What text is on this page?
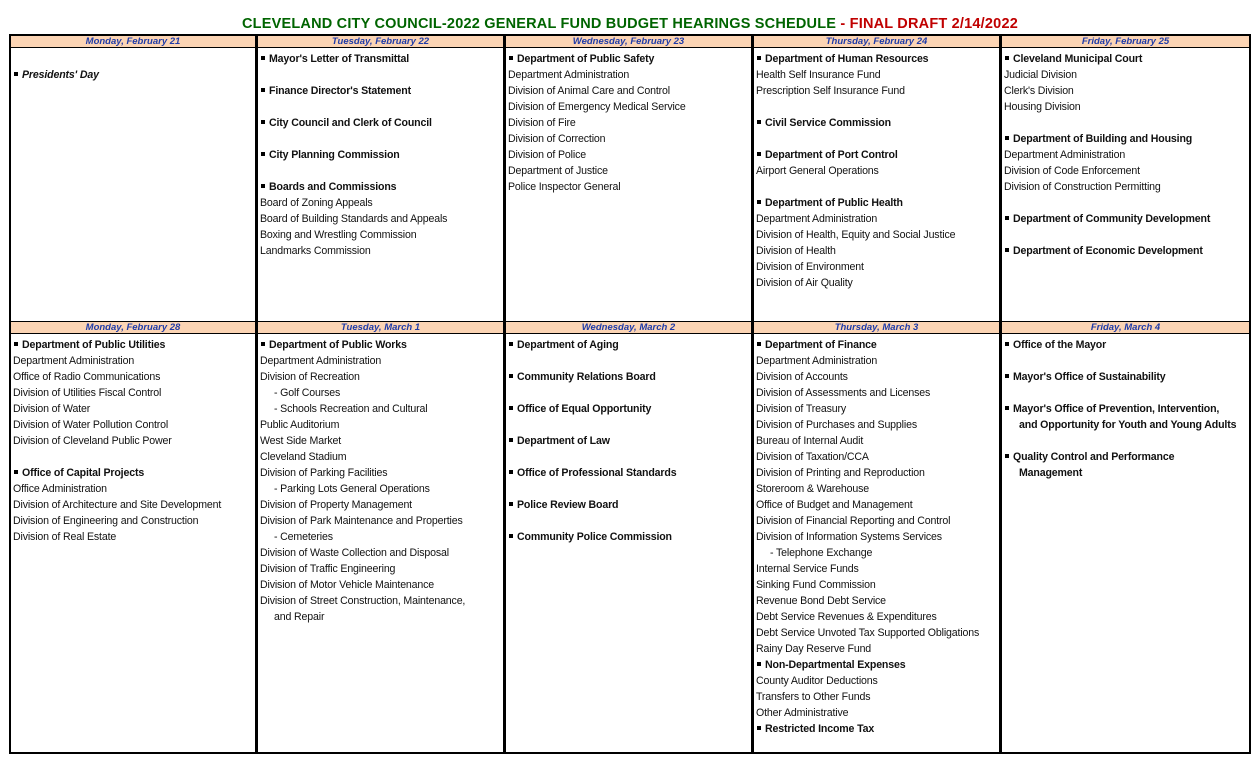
CLEVELAND CITY COUNCIL-2022 GENERAL FUND BUDGET HEARINGS SCHEDULE - FINAL DRAFT 2/14/2022
Monday, February 21
Presidents' Day
Tuesday, February 22
Mayor's Letter of Transmittal
Finance Director's Statement
City Council and Clerk of Council
City Planning Commission
Boards and Commissions
Board of Zoning Appeals
Board of Building Standards and Appeals
Boxing and Wrestling Commission
Landmarks Commission
Wednesday, February 23
Department of Public Safety
Department Administration
Division of Animal Care and Control
Division of Emergency Medical Service
Division of Fire
Division of Correction
Division of Police
Department of Justice
Police Inspector General
Thursday, February 24
Department of Human Resources
Health Self Insurance Fund
Prescription Self Insurance Fund
Civil Service Commission
Department of Port Control
Airport General Operations
Department of Public Health
Department Administration
Division of Health, Equity and Social Justice
Division of Health
Division of Environment
Division of Air Quality
Friday, February 25
Cleveland Municipal Court
Judicial Division
Clerk's Division
Housing Division
Department of Building and Housing
Department Administration
Division of Code Enforcement
Division of Construction Permitting
Department of Community Development
Department of Economic Development
Monday, February 28
Department of Public Utilities
Department Administration
Office of Radio Communications
Division of Utilities Fiscal Control
Division of Water
Division of Water Pollution Control
Division of Cleveland Public Power
Office of Capital Projects
Office Administration
Division of Architecture and Site Development
Division of Engineering and Construction
Division of Real Estate
Tuesday, March 1
Department of Public Works
Department Administration
Division of Recreation
- Golf Courses
- Schools Recreation and Cultural
Public Auditorium
West Side Market
Cleveland Stadium
Division of Parking Facilities
- Parking Lots General Operations
Division of Property Management
Division of Park Maintenance and Properties
- Cemeteries
Division of Waste Collection and Disposal
Division of Traffic Engineering
Division of Motor Vehicle Maintenance
Division of Street Construction, Maintenance,
and Repair
Wednesday, March 2
Department of Aging
Community Relations Board
Office of Equal Opportunity
Department of Law
Office of Professional Standards
Police Review Board
Community Police Commission
Thursday, March 3
Department of Finance
Department Administration
Division of Accounts
Division of Assessments and Licenses
Division of Treasury
Division of Purchases and Supplies
Bureau of Internal Audit
Division of Taxation/CCA
Division of Printing and Reproduction
Storeroom & Warehouse
Office of Budget and Management
Division of Financial Reporting and Control
Division of Information Systems Services
- Telephone Exchange
Internal Service Funds
Sinking Fund Commission
Revenue Bond Debt Service
Debt Service Revenues & Expenditures
Debt Service Unvoted Tax Supported Obligations
Rainy Day Reserve Fund
Non-Departmental Expenses
County Auditor Deductions
Transfers to Other Funds
Other Administrative
Restricted Income Tax
Friday, March 4
Office of the Mayor
Mayor's Office of Sustainability
Mayor's Office of Prevention, Intervention,
and Opportunity for Youth and Young Adults
Quality Control and Performance
Management
